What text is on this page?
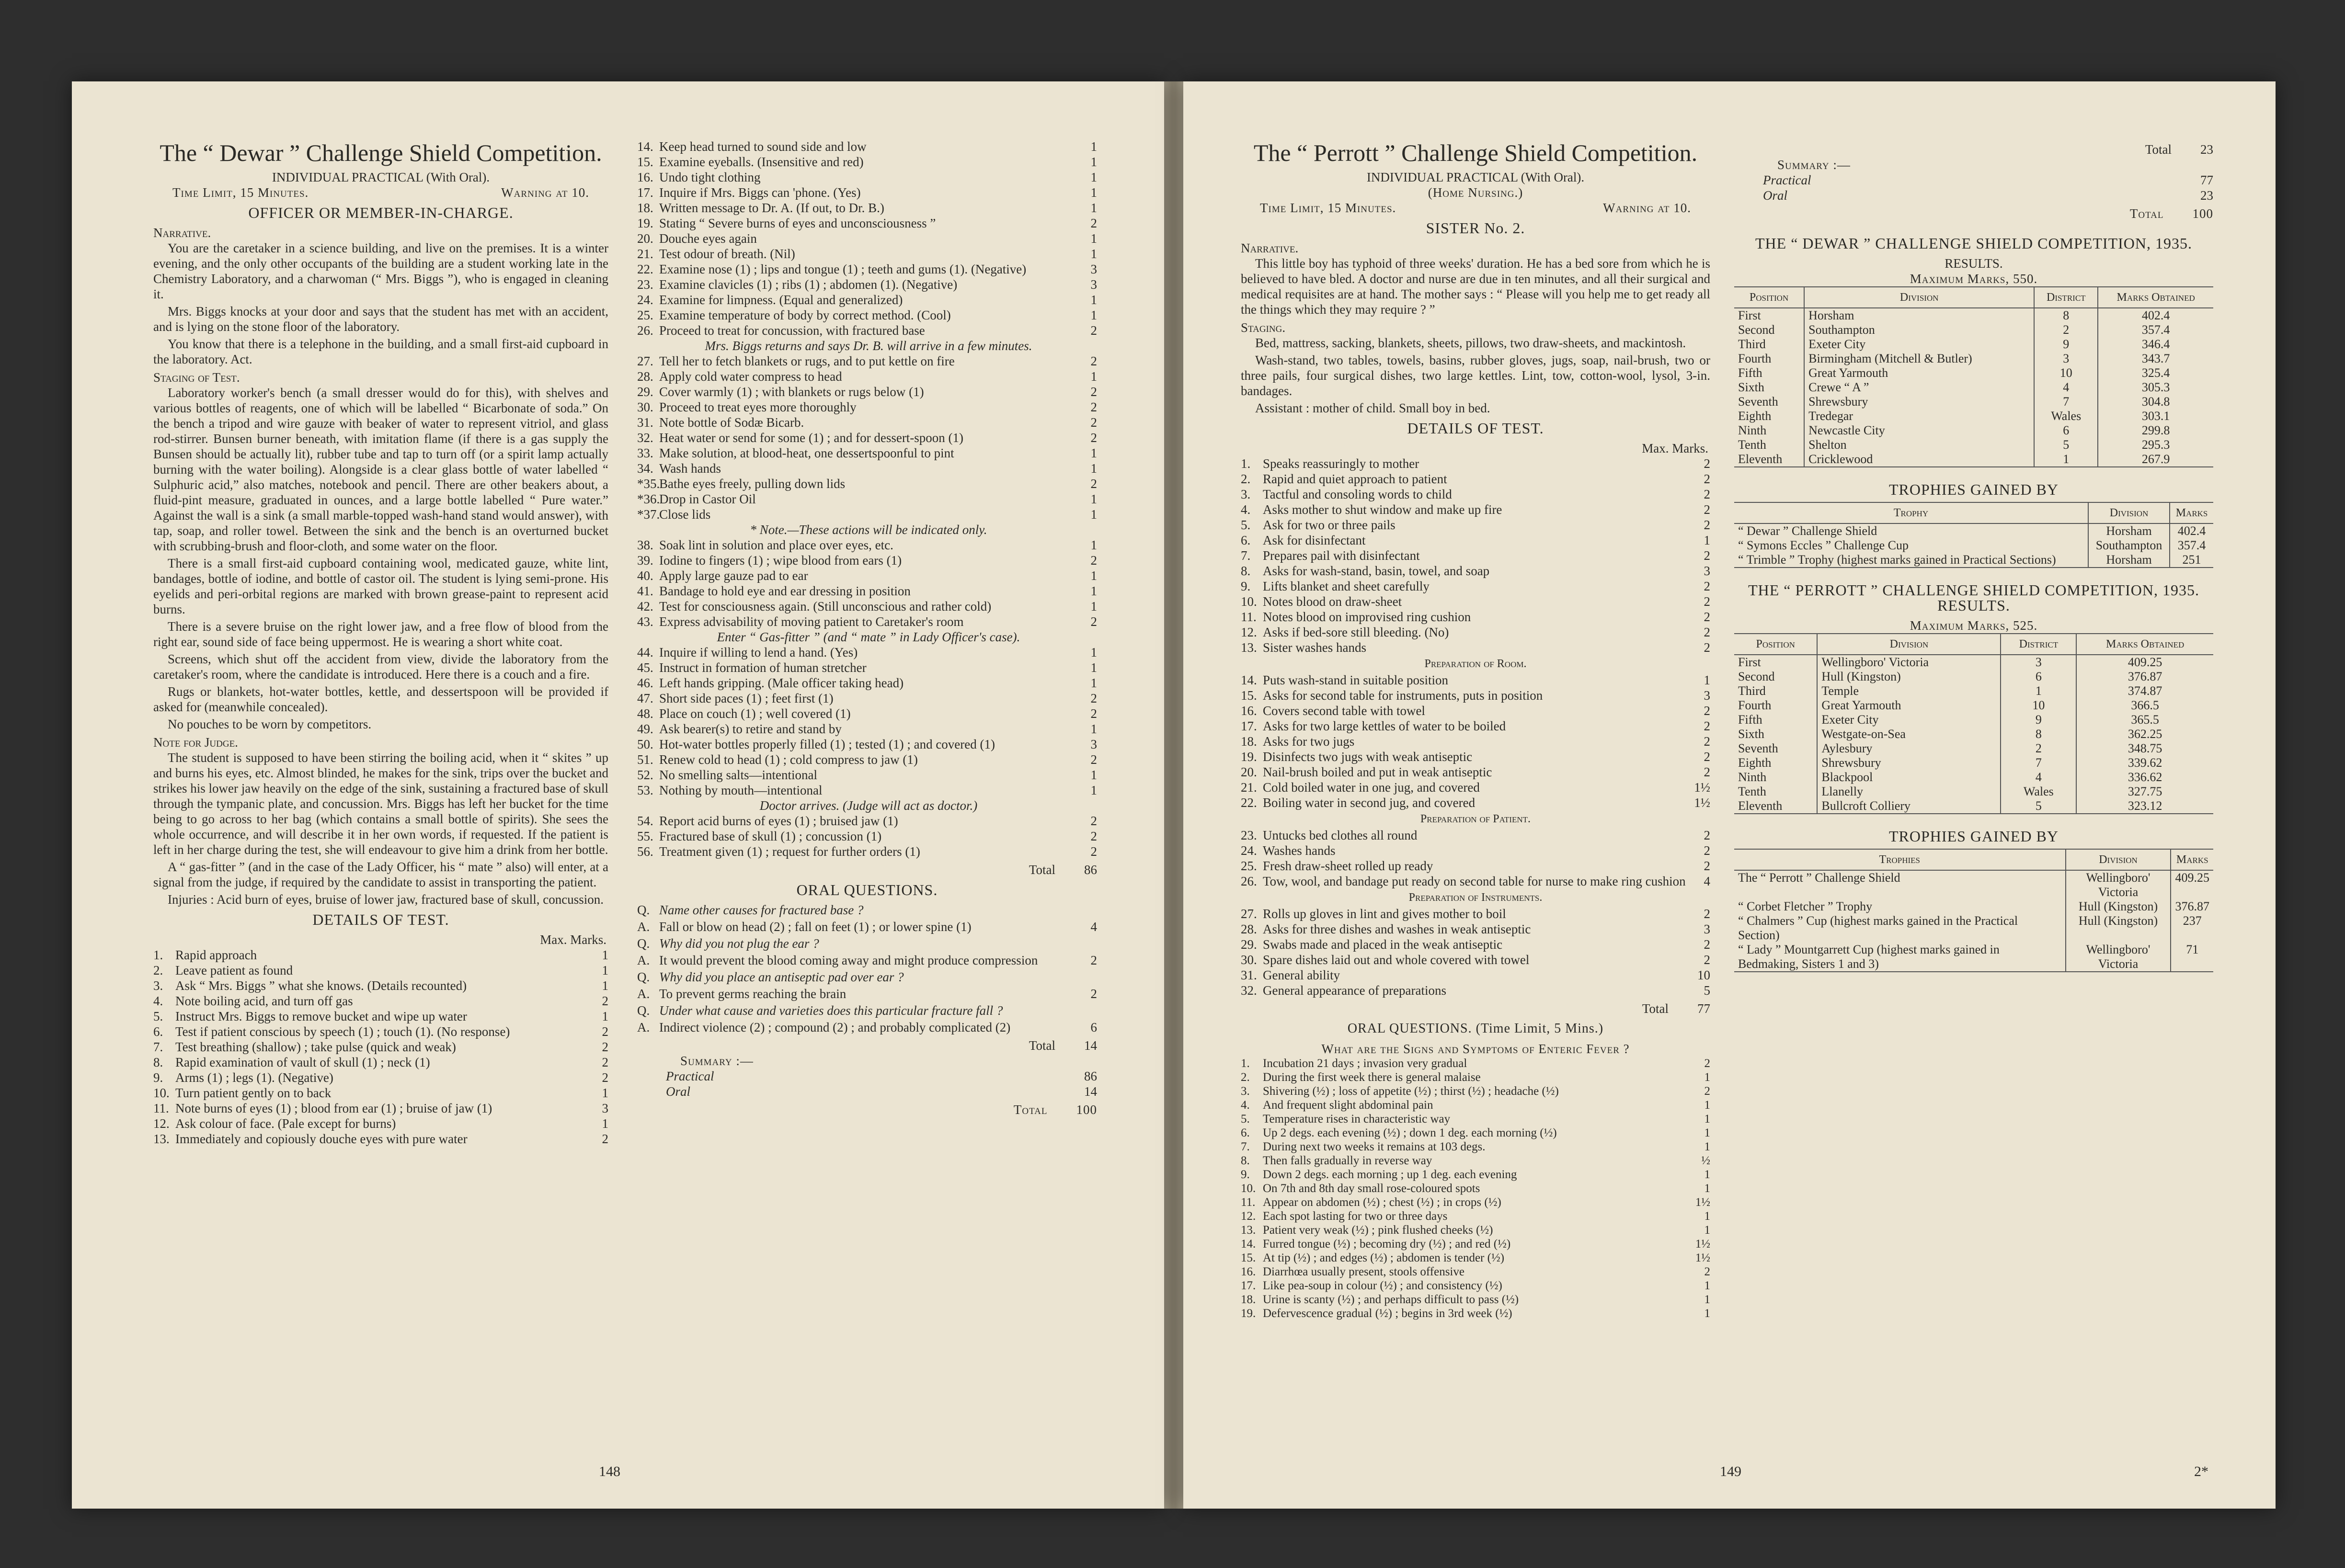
The “ Dewar ” Challenge Shield Competition.
INDIVIDUAL PRACTICAL (With Oral).
Time Limit, 15 Minutes.	Warning at 10.
OFFICER OR MEMBER-IN-CHARGE.
Narrative.

You are the caretaker in a science building, and live on the premises. It is a winter evening, and the only other occupants of the building are a student working late in the Chemistry Laboratory, and a charwoman (“ Mrs. Biggs ”), who is engaged in cleaning it.

Mrs. Biggs knocks at your door and says that the student has met with an accident, and is lying on the stone floor of the laboratory.

You know that there is a telephone in the building, and a small first-aid cupboard in the laboratory. Act.

Staging of Test.

Laboratory worker's bench (a small dresser would do for this), with shelves and various bottles of reagents, one of which will be labelled “ Bicarbonate of soda.” On the bench a tripod and wire gauze with beaker of water to represent vitriol, and glass rod-stirrer. Bunsen burner beneath, with imitation flame (if there is a gas supply the Bunsen should be actually lit), rubber tube and tap to turn off (or a spirit lamp actually burning with the water boiling). Alongside is a clear glass bottle of water labelled “ Sulphuric acid,” also matches, notebook and pencil. There are other beakers about, a fluid-pint measure, graduated in ounces, and a large bottle labelled “ Pure water.” Against the wall is a sink (a small marble-topped wash-hand stand would answer), with tap, soap, and roller towel. Between the sink and the bench is an overturned bucket with scrubbing-brush and floor-cloth, and some water on the floor.

There is a small first-aid cupboard containing wool, medicated gauze, white lint, bandages, bottle of iodine, and bottle of castor oil. The student is lying semi-prone. His eyelids and peri-orbital regions are marked with brown grease-paint to represent acid burns.

There is a severe bruise on the right lower jaw, and a free flow of blood from the right ear, sound side of face being uppermost. He is wearing a short white coat.

Screens, which shut off the accident from view, divide the laboratory from the caretaker's room, where the candidate is introduced. Here there is a couch and a fire.

Rugs or blankets, hot-water bottles, kettle, and dessertspoon will be provided if asked for (meanwhile concealed).

No pouches to be worn by competitors.

Note for Judge.

The student is supposed to have been stirring the boiling acid, when it “ skites ” up and burns his eyes, etc. Almost blinded, he makes for the sink, trips over the bucket and strikes his lower jaw heavily on the edge of the sink, sustaining a fractured base of skull through the tympanic plate, and concussion. Mrs. Biggs has left her bucket for the time being to go across to her bag (which contains a small bottle of spirits). She sees the whole occurrence, and will describe it in her own words, if requested. If the patient is left in her charge during the test, she will endeavour to give him a drink from her bottle.

A “ gas-fitter ” (and in the case of the Lady Officer, his “ mate ” also) will enter, at a signal from the judge, if required by the candidate to assist in transporting the patient.

Injuries : Acid burn of eyes, bruise of lower jaw, fractured base of skull, concussion.

DETAILS OF TEST.
Max. Marks.
1. Rapid approach	1
2. Leave patient as found	1
3. Ask “ Mrs. Biggs ” what she knows. (Details recounted)	1
4. Note boiling acid, and turn off gas	2
5. Instruct Mrs. Biggs to remove bucket and wipe up water	1
6. Test if patient conscious by speech (1) ; touch (1). (No response)	2
7. Test breathing (shallow) ; take pulse (quick and weak)	2
8. Rapid examination of vault of skull (1) ; neck (1)	2
9. Arms (1) ; legs (1). (Negative)	2
10. Turn patient gently on to back	1
11. Note burns of eyes (1) ; blood from ear (1) ; bruise of jaw (1)	3
12. Ask colour of face. (Pale except for burns)	1
13. Immediately and copiously douche eyes with pure water	2
14. Keep head turned to sound side and low	1
15. Examine eyeballs. (Insensitive and red)	1
16. Undo tight clothing	1
17. Inquire if Mrs. Biggs can 'phone. (Yes)	1
18. Written message to Dr. A. (If out, to Dr. B.)	1
19. Stating “ Severe burns of eyes and unconsciousness ”	2
20. Douche eyes again	1
21. Test odour of breath. (Nil)	1
22. Examine nose (1) ; lips and tongue (1) ; teeth and gums (1). (Negative)	3
23. Examine clavicles (1) ; ribs (1) ; abdomen (1). (Negative)	3
24. Examine for limpness. (Equal and generalized)	1
25. Examine temperature of body by correct method. (Cool)	1
26. Proceed to treat for concussion, with fractured base	2
Mrs. Biggs returns and says Dr. B. will arrive in a few minutes.
27. Tell her to fetch blankets or rugs, and to put kettle on fire	2
28. Apply cold water compress to head	1
29. Cover warmly (1) ; with blankets or rugs below (1)	2
30. Proceed to treat eyes more thoroughly	2
31. Note bottle of Sodæ Bicarb.	2
32. Heat water or send for some (1) ; and for dessert-spoon (1)	2
33. Make solution, at blood-heat, one dessertspoonful to pint	1
34. Wash hands	1
*35.
Bathe eyes freely, pulling down lids	2
*36.
Drop in Castor Oil	1
*37.
Close lids	1
* Note.—These actions will be indicated only.
38. Soak lint in solution and place over eyes, etc.	1
39. Iodine to fingers (1) ; wipe blood from ears (1)	2
40. Apply large gauze pad to ear	1
41. Bandage to hold eye and ear dressing in position	1
42. Test for consciousness again. (Still unconscious and rather cold)	1
43. Express advisability of moving patient to Caretaker's room	2
Enter “ Gas-fitter ” (and “ mate ” in Lady Officer's case).
44. Inquire if willing to lend a hand. (Yes)	1
45. Instruct in formation of human stretcher	1
46. Left hands gripping. (Male officer taking head)	1
47. Short side paces (1) ; feet first (1)	2
48. Place on couch (1) ; well covered (1)	2
49. Ask bearer(s) to retire and stand by	1
50. Hot-water bottles properly filled (1) ; tested (1) ; and covered (1)	3
51. Renew cold to head (1) ; cold compress to jaw (1)	2
52. No smelling salts—intentional	1
53. Nothing by mouth—intentional	1
Doctor arrives. (Judge will act as doctor.)
54. Report acid burns of eyes (1) ; bruised jaw (1)	2
55. Fractured base of skull (1) ; concussion (1)	2
56. Treatment given (1) ; request for further orders (1)	2
Total 86
ORAL QUESTIONS.
Q. Name other causes for fractured base ?
A. Fall or blow on head (2) ; fall on feet (1) ; or lower spine (1)	4
Q. Why did you not plug the ear ?
A. It would prevent the blood coming away and might produce compression	2
Q. Why did you place an antiseptic pad over ear ?
A. To prevent germs reaching the brain	2
Q. Under what cause and varieties does this particular fracture fall ?
A. Indirect violence (2) ; compound (2) ; and probably complicated (2)	6
Total 14
Summary :—
Practical	86
Oral	14
Total 100
148
The “ Perrott ” Challenge Shield Competition.
INDIVIDUAL PRACTICAL (With Oral).
(Home Nursing.)
Time Limit, 15 Minutes.	Warning at 10.
SISTER No. 2.
Narrative.

This little boy has typhoid of three weeks' duration. He has a bed sore from which he is believed to have bled. A doctor and nurse are due in ten minutes, and all their surgical and medical requisites are at hand. The mother says : “ Please will you help me to get ready all the things which they may require ? ”

Staging.

Bed, mattress, sacking, blankets, sheets, pillows, two draw-sheets, and mackintosh.

Wash-stand, two tables, towels, basins, rubber gloves, jugs, soap, nail-brush, two or three pails, four surgical dishes, two large kettles. Lint, tow, cotton-wool, lysol, 3-in. bandages.

Assistant : mother of child. Small boy in bed.

DETAILS OF TEST.
Max. Marks.
1. Speaks reassuringly to mother	2
2. Rapid and quiet approach to patient	2
3. Tactful and consoling words to child	2
4. Asks mother to shut window and make up fire	2
5. Ask for two or three pails	2
6. Ask for disinfectant	1
7. Prepares pail with disinfectant	2
8. Asks for wash-stand, basin, towel, and soap	3
9. Lifts blanket and sheet carefully	2
10. Notes blood on draw-sheet	2
11. Notes blood on improvised ring cushion	2
12. Asks if bed-sore still bleeding. (No)	2
13. Sister washes hands	2
Preparation of Room.
14. Puts wash-stand in suitable position	1
15. Asks for second table for instruments, puts in position	3
16. Covers second table with towel	2
17. Asks for two large kettles of water to be boiled	2
18. Asks for two jugs	2
19. Disinfects two jugs with weak antiseptic	2
20. Nail-brush boiled and put in weak antiseptic	2
21. Cold boiled water in one jug, and covered	1½
22. Boiling water in second jug, and covered	1½
Preparation of Patient.
23. Untucks bed clothes all round	2
24. Washes hands	2
25. Fresh draw-sheet rolled up ready	2
26. Tow, wool, and bandage put ready on second table for nurse to make ring cushion	4
Preparation of Instruments.
27. Rolls up gloves in lint and gives mother to boil	2
28. Asks for three dishes and washes in weak antiseptic	3
29. Swabs made and placed in the weak antiseptic	2
30. Spare dishes laid out and whole covered with towel	2
31. General ability	10
32. General appearance of preparations	5
Total 77
ORAL QUESTIONS. (Time Limit, 5 Mins.)
What are the Signs and Symptoms of Enteric Fever ?
1.	Incubation 21 days ; invasion very gradual	2
2.	During the first week there is general malaise	1
3.	Shivering (½) ; loss of appetite (½) ; thirst (½) ; headache (½)	2
4.	And frequent slight abdominal pain	1
5.	Temperature rises in characteristic way	1
6.	Up 2 degs. each evening (½) ; down 1 deg. each morning (½)	1
7.	During next two weeks it remains at 103 degs.	1
8.	Then falls gradually in reverse way	½
9.	Down 2 degs. each morning ; up 1 deg. each evening	1
10. On 7th and 8th day small rose-coloured spots	1
11. Appear on abdomen (½) ; chest (½) ; in crops (½)	1½
12. Each spot lasting for two or three days	1
13. Patient very weak (½) ; pink flushed cheeks (½)	1
14. Furred tongue (½) ; becoming dry (½) ; and red (½)	1½
15. At tip (½) ; and edges (½) ; abdomen is tender (½)	1½
16. Diarrhœa usually present, stools offensive	2
17. Like pea-soup in colour (½) ; and consistency (½)	1
18. Urine is scanty (½) ; and perhaps difficult to pass (½)	1
19. Defervescence gradual (½) ; begins in 3rd week (½)	1
Total 23
Summary :—
Practical	77
Oral	23
Total 100
THE “ DEWAR ” CHALLENGE SHIELD COMPETITION, 1935.
RESULTS.
Maximum Marks, 550.
Position	Division	District	Marks Obtained
First	Horsham	8	402.4
Second	Southampton	2	357.4
Third	Exeter City	9	346.4
Fourth	Birmingham (Mitchell & Butler)	3	343.7
Fifth	Great Yarmouth	10	325.4
Sixth	Crewe “ A ”	4	305.3
Seventh	Shrewsbury	7	304.8
Eighth	Tredegar	Wales	303.1
Ninth	Newcastle City	6	299.8
Tenth	Shelton	5	295.3
Eleventh	Cricklewood	1	267.9
TROPHIES GAINED BY
Trophy	Division	Marks
“ Dewar ” Challenge Shield	Horsham	402.4
“ Symons Eccles ” Challenge Cup	Southampton	357.4
“ Trimble ” Trophy (highest marks gained in Practical Sections)	Horsham	251
THE “ PERROTT ” CHALLENGE SHIELD COMPETITION, 1935. RESULTS.
Maximum Marks, 525.
Position	Division	District	Marks Obtained
First	Wellingboro' Victoria	3	409.25
Second	Hull (Kingston)	6	376.87
Third	Temple	1	374.87
Fourth	Great Yarmouth	10	366.5
Fifth	Exeter City	9	365.5
Sixth	Westgate-on-Sea	8	362.25
Seventh	Aylesbury	2	348.75
Eighth	Shrewsbury	7	339.62
Ninth	Blackpool	4	336.62
Tenth	Llanelly	Wales	327.75
Eleventh	Bullcroft Colliery	5	323.12
TROPHIES GAINED BY
Trophies	Division	Marks
The “ Perrott ” Challenge Shield	Wellingboro' Victoria	409.25
“ Corbet Fletcher ” Trophy	Hull (Kingston)	376.87
“ Chalmers ” Cup (highest marks gained in the Practical Section)	Hull (Kingston)	237
“ Lady ” Mountgarrett Cup (highest marks gained in Bedmaking, Sisters 1 and 3)	Wellingboro' Victoria	71
149	2*
